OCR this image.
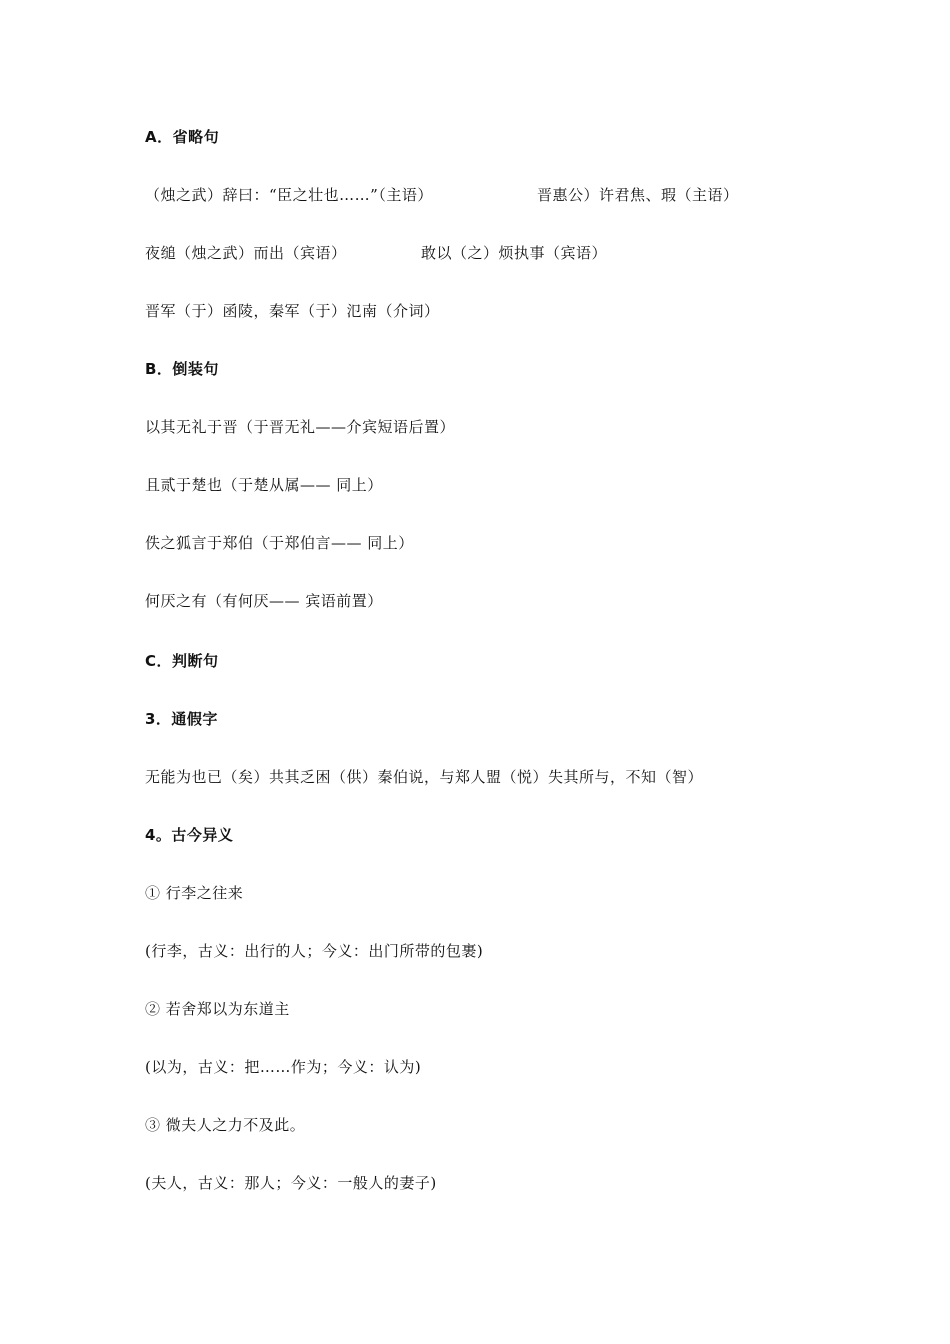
A．省略句
（烛之武）辞曰：“臣之壮也……”（主语）	晋惠公）许君焦、瑕（主语）
夜缒（烛之武）而出（宾语）	敢以（之）烦执事（宾语）
晋军（于）函陵，秦军（于）氾南（介词）
B．倒装句
以其无礼于晋（于晋无礼——介宾短语后置）
且贰于楚也（于楚从属—— 同上）
佚之狐言于郑伯（于郑伯言—— 同上）
何厌之有（有何厌—— 宾语前置）
C．判断句
3．通假字
无能为也已（矣）共其乏困（供）秦伯说，与郑人盟（悦）失其所与，不知（智）
4。古今异义
① 行李之往来
(行李，古义：出行的人；今义：出门所带的包裹)
② 若舍郑以为东道主
(以为，古义：把……作为；今义：认为)
③ 微夫人之力不及此。
(夫人，古义：那人；今义：一般人的妻子)
